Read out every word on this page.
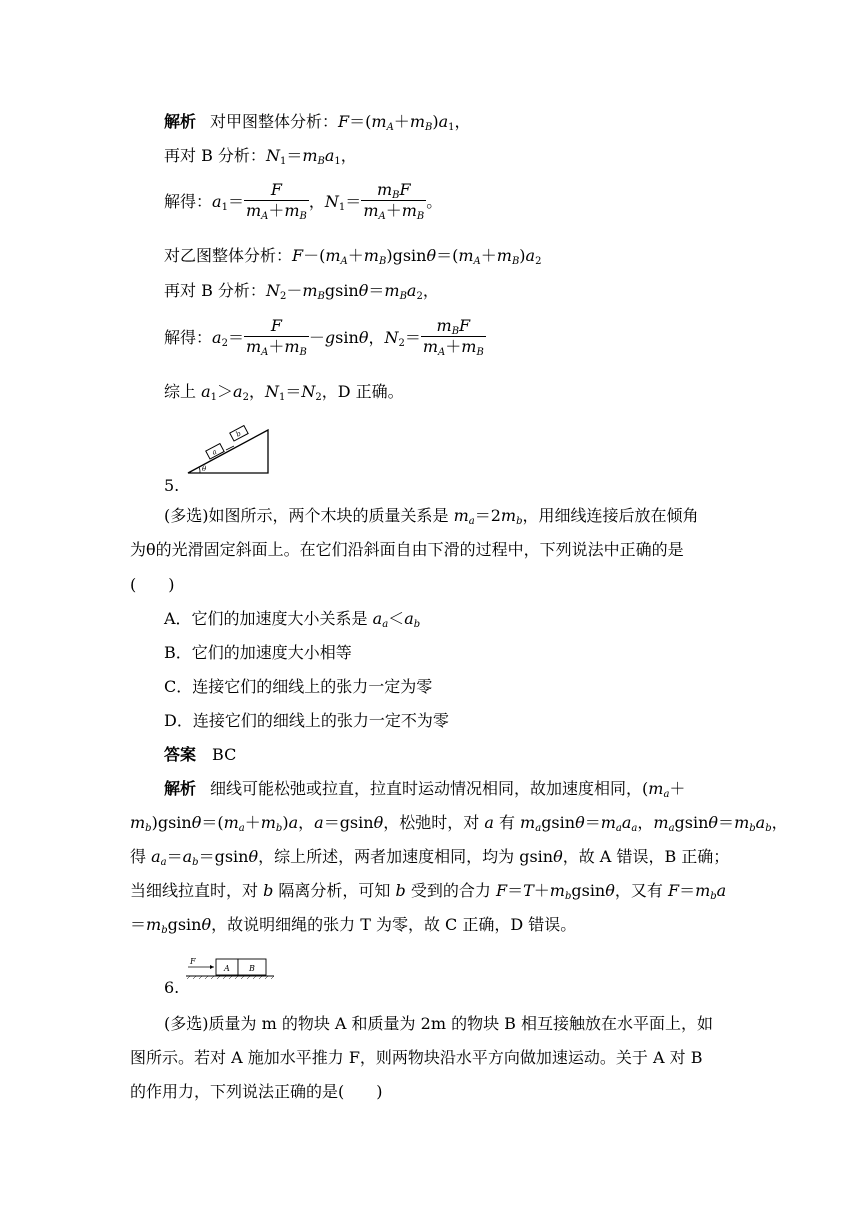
解析 对甲图整体分析：$F=(m_A+m_B)a_1$，
再对 B 分析：$N_1=m_Ba_1$，
解得：$a_1= \frac{F}{m_A+m_B}$ ，$N_1= \frac{m_BF}{m_A+m_B}$ 。
对乙图整体分析：$F-(m_A+m_B)gsin\theta=(m_A+m_B)a_2$
再对 B 分析：$N_2-m_Bgsin\theta=m_Ba_2$，
解得：$a_2= \frac{F}{m_A+m_B} -gsin\theta$，$N_2= \frac{m_BF}{m_A+m_B}$
综上 $a_1>a_2$，$N_1=N_2$，D 正确。
a
b
θ
5.
(多选)如图所示，两个木块的质量关系是 $m_a=2m_b$，用细线连接后放在倾角
为θ的光滑固定斜面上。在它们沿斜面自由下滑的过程中，下列说法中正确的是
(　　)
A．它们的加速度大小关系是 $a_a<a_b$
B．它们的加速度大小相等
C．连接它们的细线上的张力一定为零
D．连接它们的细线上的张力一定不为零
答案 BC
解析 细线可能松弛或拉直，拉直时运动情况相同，故加速度相同，($m_a+$
$m_b)gsin\theta=(m_a+m_b)a$，a＝gsinθ，松弛时，对 a 有 $m_agsin\theta=m_aa_a$，$m_agsin\theta=m_ba_b$，
得 $a_a=a_b=gsin\theta$，综上所述，两者加速度相同，均为 gsinθ，故 A 错误，B 正确；
当细线拉直时，对 b 隔离分析，可知 b 受到的合力 $F=T+m_bgsin\theta$，又有 $F=m_ba$
$=m_bgsin\theta$，故说明细绳的张力 T 为零，故 C 正确，D 错误。
F
A B
6.
(多选)质量为 m 的物块 A 和质量为 2m 的物块 B 相互接触放在水平面上，如
图所示。若对 A 施加水平推力 F，则两物块沿水平方向做加速运动。关于 A 对 B
的作用力，下列说法正确的是(　　)
